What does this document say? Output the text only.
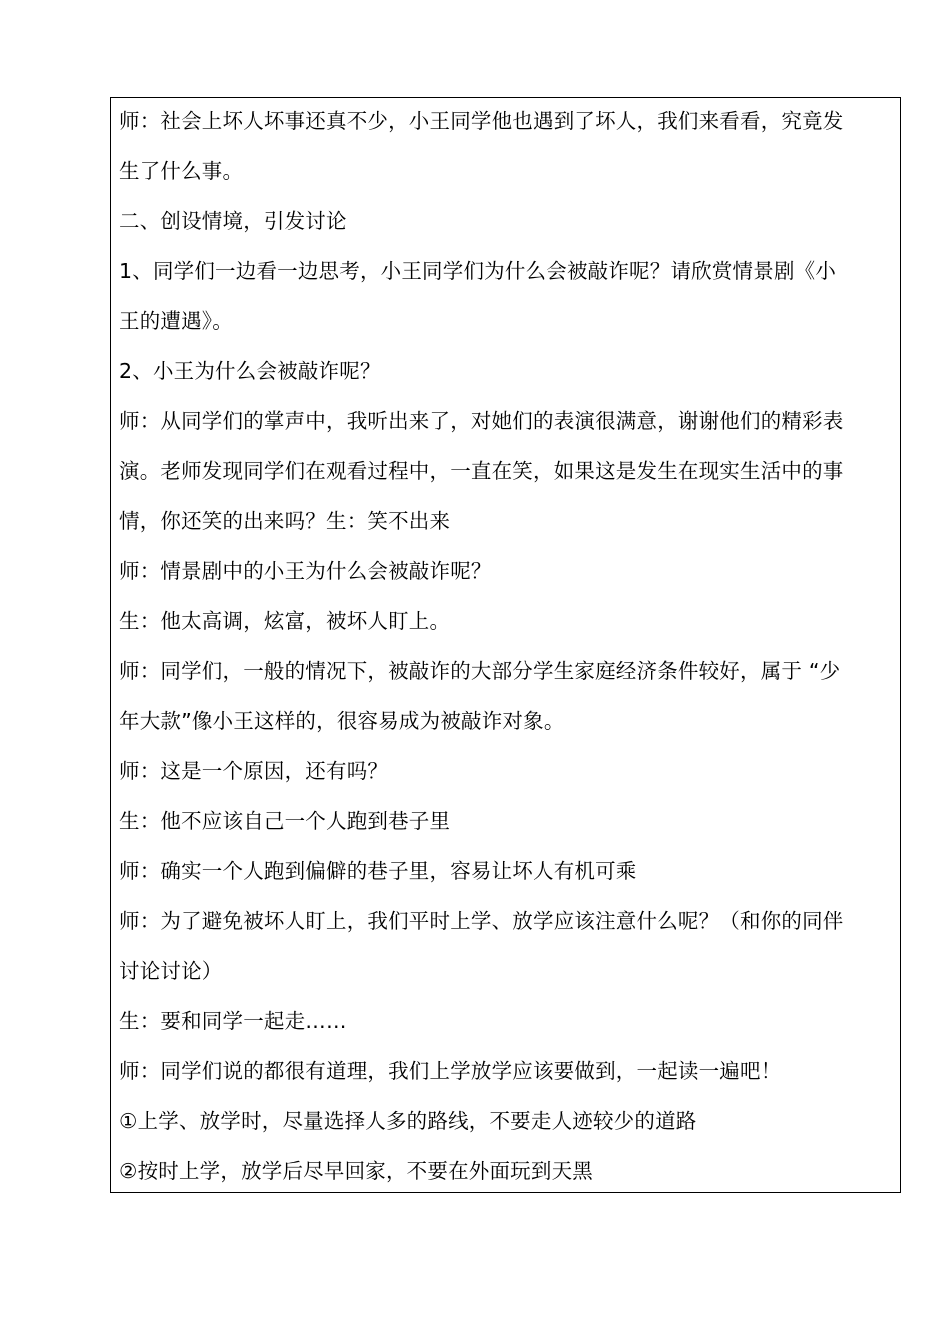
师：社会上坏人坏事还真不少，小王同学他也遇到了坏人，我们来看看，究竟发
生了什么事。
二、创设情境，引发讨论
1、同学们一边看一边思考，小王同学们为什么会被敲诈呢？请欣赏情景剧《小
王的遭遇》。
2、小王为什么会被敲诈呢？
师：从同学们的掌声中，我听出来了，对她们的表演很满意，谢谢他们的精彩表
演。老师发现同学们在观看过程中，一直在笑，如果这是发生在现实生活中的事
情，你还笑的出来吗？生：笑不出来
师：情景剧中的小王为什么会被敲诈呢？
生：他太高调，炫富，被坏人盯上。
师：同学们，一般的情况下，被敲诈的大部分学生家庭经济条件较好，属于 “少
年大款”像小王这样的，很容易成为被敲诈对象。
师：这是一个原因，还有吗？
生：他不应该自己一个人跑到巷子里
师：确实一个人跑到偏僻的巷子里，容易让坏人有机可乘
师：为了避免被坏人盯上，我们平时上学、放学应该注意什么呢？（和你的同伴
讨论讨论）
生：要和同学一起走……
师：同学们说的都很有道理，我们上学放学应该要做到，一起读一遍吧！
①上学、放学时，尽量选择人多的路线，不要走人迹较少的道路
②按时上学，放学后尽早回家，不要在外面玩到天黑
